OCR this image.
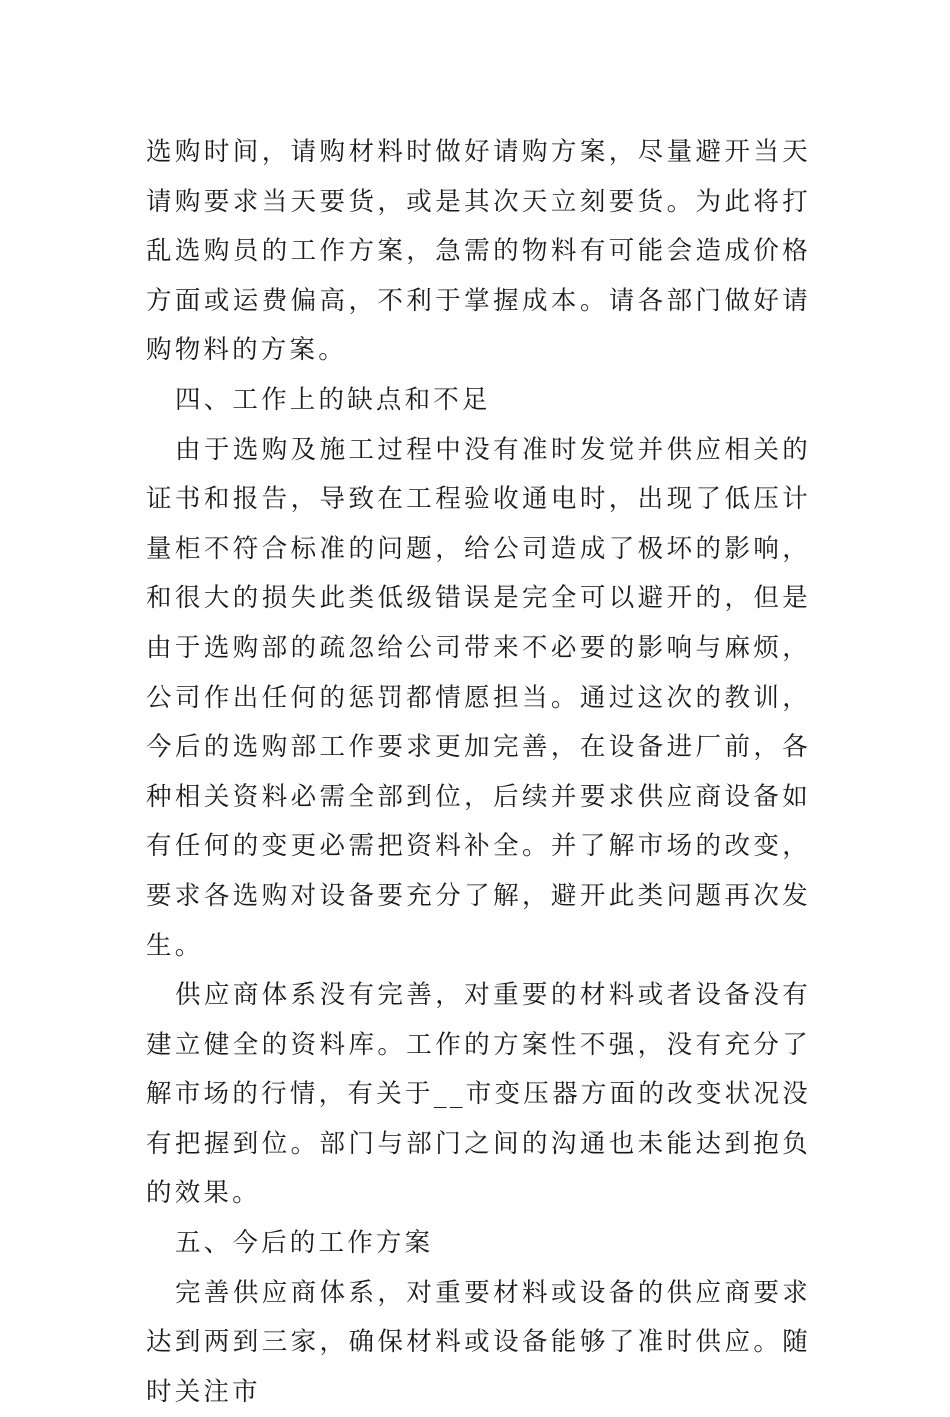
选购时间，请购材料时做好请购方案，尽量避开当天请购要求当天要货，或是其次天立刻要货。为此将打乱选购员的工作方案，急需的物料有可能会造成价格方面或运费偏高，不利于掌握成本。请各部门做好请购物料的方案。

四、工作上的缺点和不足

由于选购及施工过程中没有准时发觉并供应相关的证书和报告，导致在工程验收通电时，出现了低压计量柜不符合标准的问题，给公司造成了极坏的影响，和很大的损失此类低级错误是完全可以避开的，但是由于选购部的疏忽给公司带来不必要的影响与麻烦，公司作出任何的惩罚都情愿担当。通过这次的教训，今后的选购部工作要求更加完善，在设备进厂前，各种相关资料必需全部到位，后续并要求供应商设备如有任何的变更必需把资料补全。并了解市场的改变，要求各选购对设备要充分了解，避开此类问题再次发生。

供应商体系没有完善，对重要的材料或者设备没有建立健全的资料库。工作的方案性不强，没有充分了解市场的行情，有关于__市变压器方面的改变状况没有把握到位。部门与部门之间的沟通也未能达到抱负的效果。

五、今后的工作方案

完善供应商体系，对重要材料或设备的供应商要求达到两到三家，确保材料或设备能够了准时供应。随时关注市
